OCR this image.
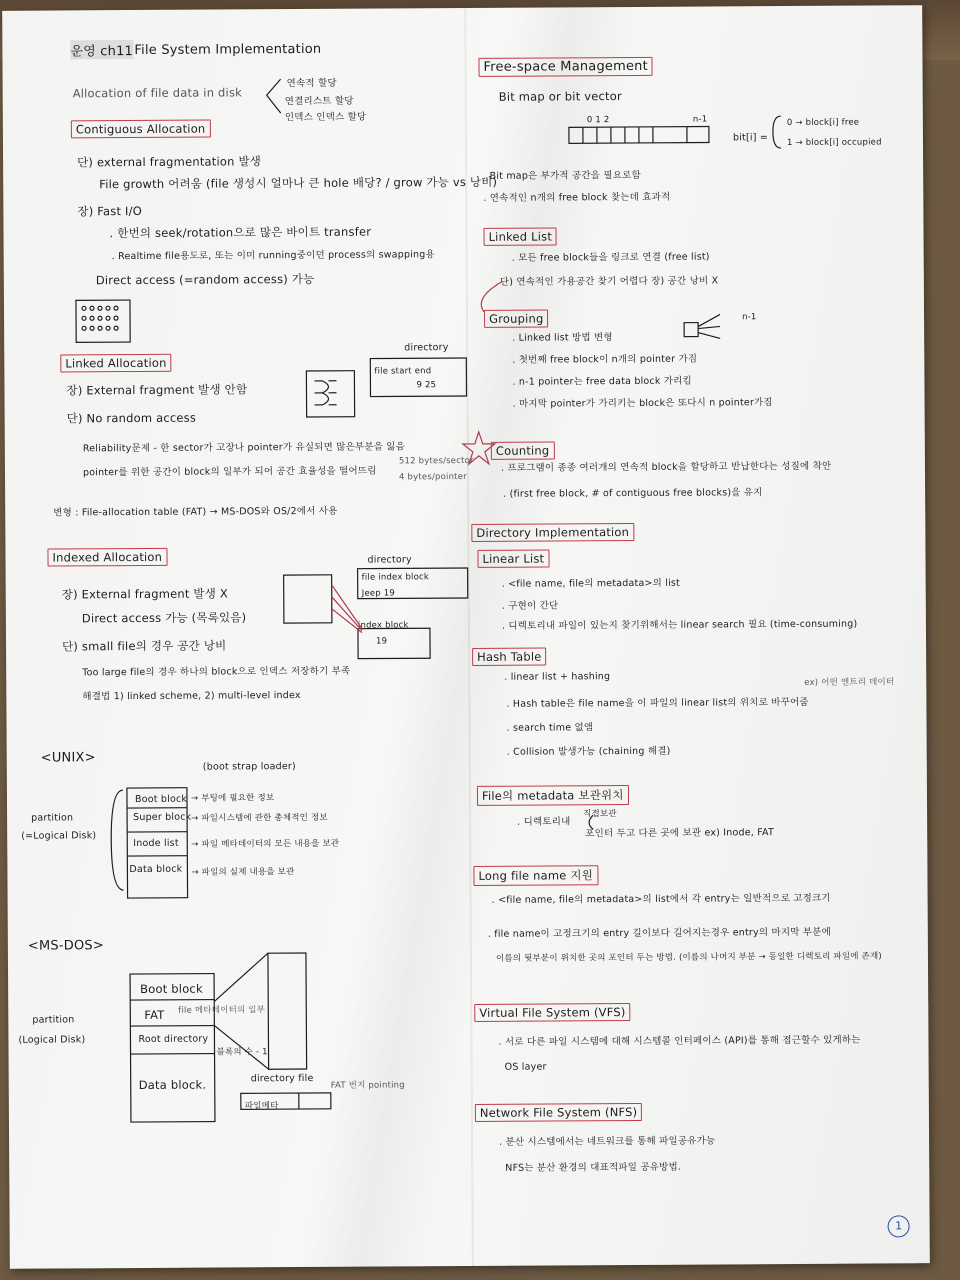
운영 ch11 File System Implementation
Allocation of file data in disk
연속적 할당
연결리스트 할당
인덱스 인덱스 할당
Contiguous Allocation
단) external fragmentation 발생
File growth 어려움 (file 생성시 얼마나 큰 hole 배당? / grow 가능 vs 낭비)
장) Fast I/O
. 한번의 seek/rotation으로 많은 바이트 transfer
. Realtime file용도로, 또는 이미 running중이던 process의 swapping용
Direct access (=random access) 가능
Linked Allocation
장) External fragment 발생 안함
단) No random access
Reliability문제 - 한 sector가 고장나 pointer가 유실되면 많은부분을 잃음
pointer를 위한 공간이 block의 일부가 되어 공간 효율성을 떨어뜨림
512 bytes/sector
4 bytes/pointer
변형 : File-allocation table (FAT) → MS-DOS와 OS/2에서 사용
directory
file start end
9 25
Indexed Allocation
장) External fragment 발생 X
Direct access 가능 (목록있음)
단) small file의 경우 공간 낭비
Too large file의 경우 하나의 block으로 인덱스 저장하기 부족
해결법 1) linked scheme, 2) multi-level index
directory
file index block
Jeep 19
index block
19
<UNIX>
partition
(=Logical Disk)
(boot strap loader)
Boot block
Super block
Inode list
Data block
→ 부팅에 필요한 정보
→ 파일시스템에 관한 총체적인 정보
→ 파일 메타데이터의 모든 내용을 보관
→ 파일의 실제 내용을 보관
<MS-DOS>
partition
(Logical Disk)
Boot block
FAT
Root directory
Data block.
file 메타데이터의 일부
블록의 수 - 1
directory file
파일메타
FAT 번지 pointing
Free-space Management
Bit map or bit vector
0 1 2	n-1
bit[i] =
0 → block[i] free
1 → block[i] occupied
. Bit map은 부가적 공간을 필요로함
. 연속적인 n개의 free block 찾는데 효과적
Linked List
. 모든 free block들을 링크로 연결 (free list)
단) 연속적인 가용공간 찾기 어렵다 장) 공간 낭비 X
Grouping
. Linked list 방법 변형
. 첫번째 free block이 n개의 pointer 가짐
. n-1 pointer는 free data block 가리킴
. 마지막 pointer가 가리키는 block은 또다시 n pointer가짐
n-1
Counting
. 프로그램이 종종 여러개의 연속적 block을 할당하고 반납한다는 성질에 착안
. (first free block, # of contiguous free blocks)을 유지
Directory Implementation
Linear List
. <file name, file의 metadata>의 list
. 구현이 간단
. 디렉토리내 파일이 있는지 찾기위해서는 linear search 필요 (time-consuming)
Hash Table
. linear list + hashing	ex) 어떤 엔트리 데이터
. Hash table은 file name을 이 파일의 linear list의 위치로 바꾸어줌
. search time 없앰
. Collision 발생가능 (chaining 해결)
File의 metadata 보관위치
직접보관
. 디렉토리내
포인터 두고 다른 곳에 보관 ex) Inode, FAT
Long file name 지원
. <file name, file의 metadata>의 list에서 각 entry는 일반적으로 고정크기
. file name이 고정크기의 entry 길이보다 길어지는경우 entry의 마지막 부분에
이름의 뒷부분이 위치한 곳의 포인터 두는 방법. (이름의 나머지 부분 → 동일한 디렉토리 파일에 존재)
Virtual File System (VFS)
. 서로 다른 파일 시스템에 대해 시스템콜 인터페이스 (API)를 통해 접근할수 있게하는
OS layer
Network File System (NFS)
. 분산 시스템에서는 네트워크를 통해 파일공유가능
NFS는 분산 환경의 대표적파일 공유방법.
1
